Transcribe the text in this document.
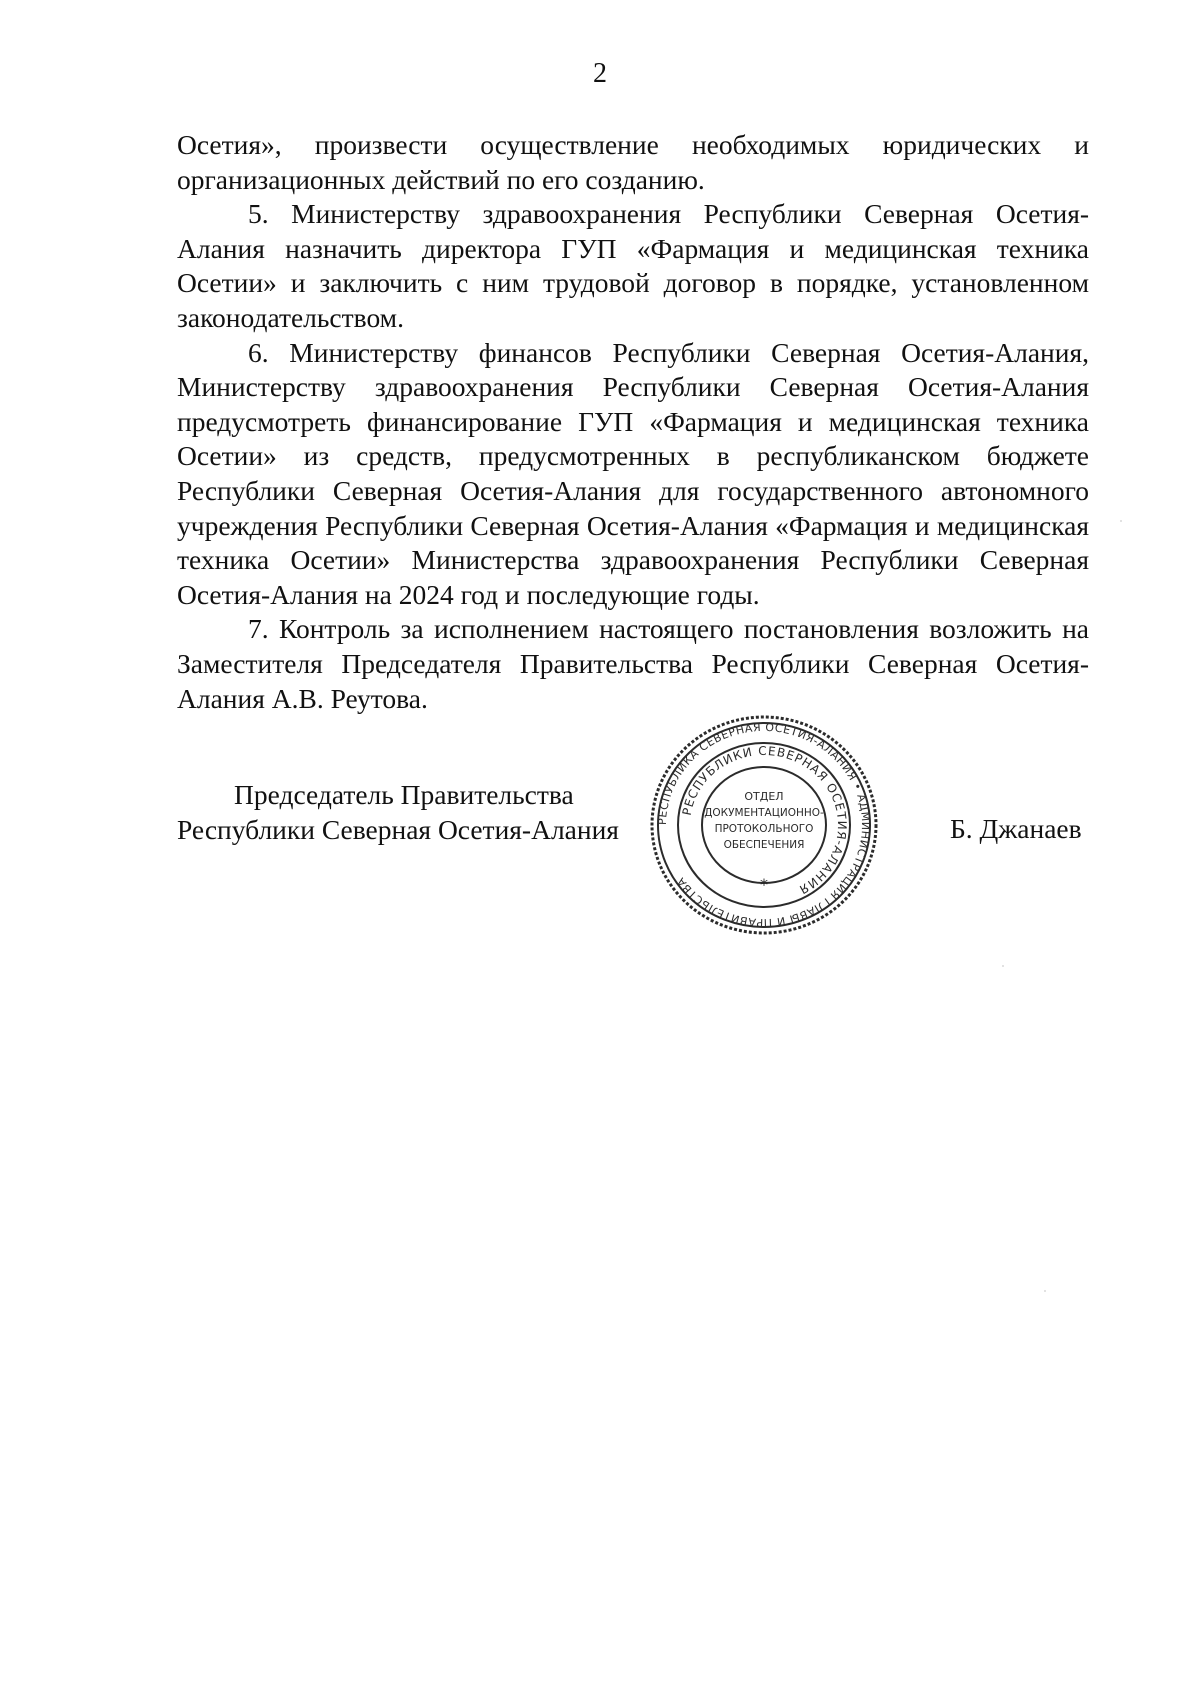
2

Осетия», произвести осуществление необходимых юридических и организационных действий по его созданию.

5. Министерству здравоохранения Республики Северная Осетия-Алания назначить директора ГУП «Фармация и медицинская техника Осетии» и заключить с ним трудовой договор в порядке, установленном законодательством.

6. Министерству финансов Республики Северная Осетия-Алания, Министерству здравоохранения Республики Северная Осетия-Алания предусмотреть финансирование ГУП «Фармация и медицинская техника Осетии» из средств, предусмотренных в республиканском бюджете Республики Северная Осетия-Алания для государственного автономного учреждения Республики Северная Осетия-Алания «Фармация и медицинская техника Осетии» Министерства здравоохранения Республики Северная Осетия-Алания на 2024 год и последующие годы.

7. Контроль за исполнением настоящего постановления возложить на Заместителя Председателя Правительства Республики Северная Осетия-Алания А.В. Реутова.

Председатель Правительства
Республики Северная Осетия-Алания	Б. Джанаев
РЕСПУБЛИКА СЕВЕРНАЯ ОСЕТИЯ-АЛАНИЯ • АДМИНИСТРАЦИЯ ГЛАВЫ И ПРАВИТЕЛЬСТВА
РЕСПУБЛИКИ СЕВЕРНАЯ ОСЕТИЯ-АЛАНИЯ
ОТДЕЛ
ДОКУМЕНТАЦИОННО-
ПРОТОКОЛЬНОГО
ОБЕСПЕЧЕНИЯ
*
